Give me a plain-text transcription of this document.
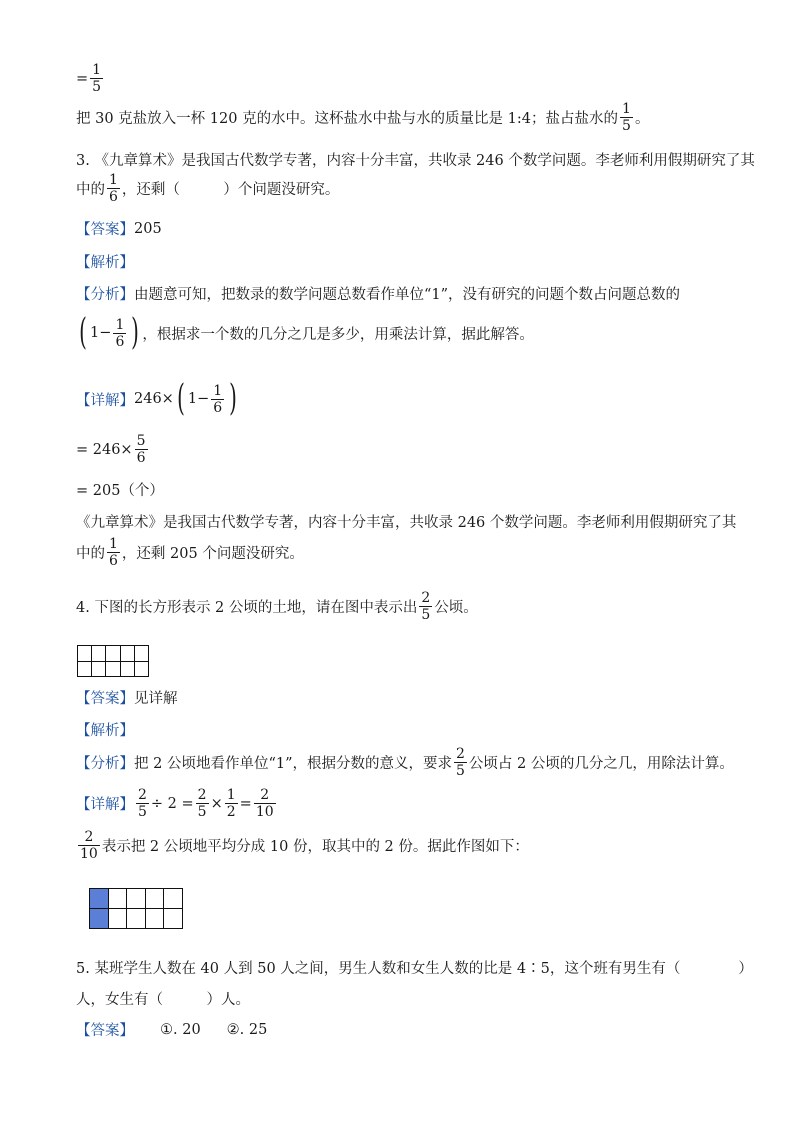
= $\frac{1}{5}$
把 30 克盐放入一杯 120 克的水中。这杯盐水中盐与水的质量比是 1:4；盐占盐水的 $\frac{1}{5}$ 。
3. 《九章算术》是我国古代数学专著，内容十分丰富，共收录 246 个数学问题。李老师利用假期研究了其
中的 $\frac{1}{6}$ ，还剩（　　　）个问题没研究。
【答案】 205
【解析】
【分析】 由题意可知，把数录的数学问题总数看作单位“1”，没有研究的问题个数占问题总数的
( $1 - \frac{1}{6}$ ) ，根据求一个数的几分之几是多少，用乘法计算，据此解答。
【详解】 246× ( $1 - \frac{1}{6}$ )
= $246\times \frac{5}{6}$
= 205（个）
《九章算术》是我国古代数学专著，内容十分丰富，共收录 246 个数学问题。李老师利用假期研究了其
中的 $\frac{1}{6}$ ，还剩 205 个问题没研究。
4. 下图的长方形表示 2 公顷的土地，请在图中表示出 $\frac{2}{5}$ 公顷。

【答案】 见详解
【解析】
【分析】 把 2 公顷地看作单位“1”，根据分数的意义，要求 $\frac{2}{5}$ 公顷占 2 公顷的几分之几，用除法计算。
【详解】 $\frac{2}{5} \div 2 = \frac{2}{5} \times \frac{1}{2} = \frac{2}{10}$
$\frac{2}{10}$ 表示把 2 公顷地平均分成 10 份，取其中的 2 份。据此作图如下：

5. 某班学生人数在 40 人到 50 人之间，男生人数和女生人数的比是 4∶5，这个班有男生有（　　　　）
人，女生有（　　　）人。
【答案】 ①. 20 ②. 25
